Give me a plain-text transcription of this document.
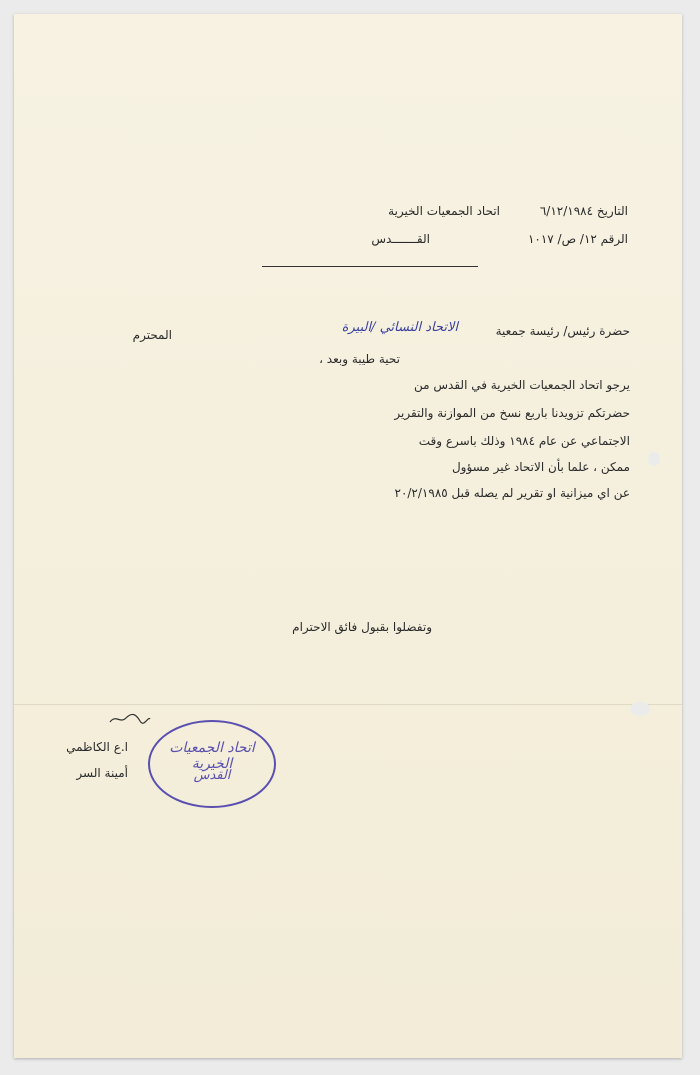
التاريخ ٦/١٢/١٩٨٤
اتحاد الجمعيات الخيرية
الرقم ١٢/ ص/ ١٠١٧
القـــــــدس
حضرة رئيس/ رئيسة جمعية
الاتحاد النسائي /البيرة
المحترم
تحية طيبة وبعد ،
يرجو اتحاد الجمعيات الخيرية في القدس من
حضرتكم تزويدنا باربع نسخ من الموازنة والتقرير
الاجتماعي عن عام ١٩٨٤ وذلك باسرع وقت
ممكن ، علما بأن الاتحاد غير مسؤول
عن اي ميزانية او تقرير لم يصله قبل ٢٠/٢/١٩٨٥
وتفضلوا بقبول فائق الاحترام
ا.ع الكاظمي
أمينة السر
اتحاد الجمعيات الخيرية
القدس
